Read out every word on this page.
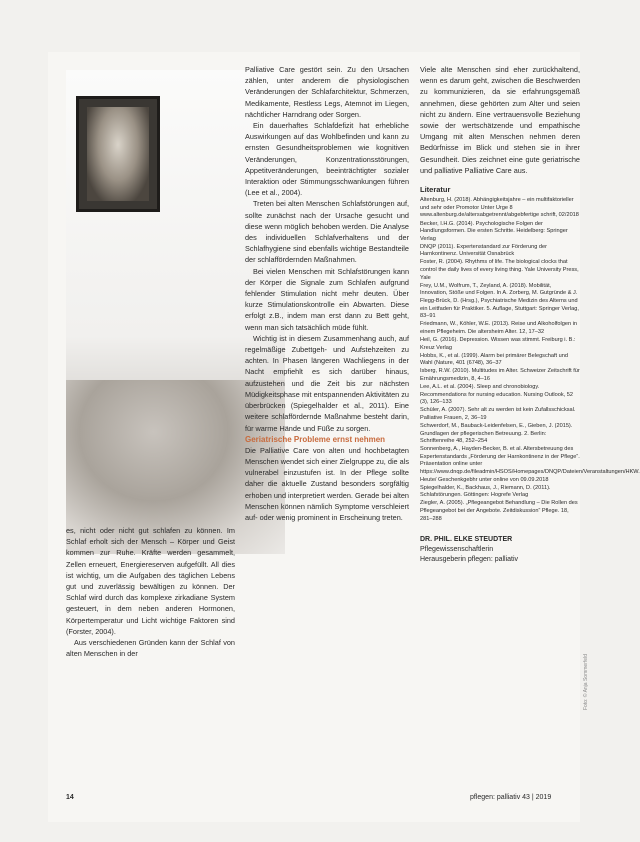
es, nicht oder nicht gut schlafen zu können. Im Schlaf erholt sich der Mensch – Körper und Geist kommen zur Ruhe. Kräfte werden gesammelt, Zellen erneuert, Energiereserven aufgefüllt. All dies ist wichtig, um die Aufgaben des täglichen Lebens gut und zuverlässig bewältigen zu können. Der Schlaf wird durch das komplexe zirkadiane System gesteuert, in dem neben anderen Hormonen, Körpertemperatur und Licht wichtige Faktoren sind (Forster, 2004).

Aus verschiedenen Gründen kann der Schlaf von alten Menschen in der

Palliative Care gestört sein. Zu den Ursachen zählen, unter anderem die physiologischen Veränderungen der Schlafarchitektur, Schmerzen, Medikamente, Restless Legs, Atemnot im Liegen, nächtlicher Harndrang oder Sorgen.

Ein dauerhaftes Schlafdefizit hat erhebliche Auswirkungen auf das Wohlbefinden und kann zu ernsten Gesundheitsproblemen wie kognitiven Veränderungen, Konzentrationsstörungen, Appetitveränderungen, beeinträchtigter sozialer Interaktion oder Stimmungsschwankungen führen (Lee et al., 2004).

Treten bei alten Menschen Schlafstörungen auf, sollte zunächst nach der Ursache gesucht und diese wenn möglich behoben werden. Die Analyse des individuellen Schlafverhaltens und der Schlafhygiene sind ebenfalls wichtige Bestandteile der schlaffördernden Maßnahmen.

Bei vielen Menschen mit Schlafstörungen kann der Körper die Signale zum Schlafen aufgrund fehlender Stimulation nicht mehr deuten. Über kurze Stimulationskontrolle ein Abwarten. Diese erfolgt z.B., indem man erst dann zu Bett geht, wenn man sich tatsächlich müde fühlt.

Wichtig ist in diesem Zusammenhang auch, auf regelmäßige Zubettgeh- und Aufstehzeiten zu achten. In Phasen längeren Wachliegens in der Nacht empfiehlt es sich darüber hinaus, aufzustehen und die Zeit bis zur nächsten Müdigkeitsphase mit entspannenden Aktivitäten zu überbrücken (Spiegelhalder et al., 2011). Eine weitere schlaffördernde Maßnahme besteht darin, für warme Hände und Füße zu sorgen.

Geriatrische Probleme ernst nehmen

Die Palliative Care von alten und hochbetagten Menschen wendet sich einer Zielgruppe zu, die als vulnerabel einzustufen ist. In der Pflege sollte daher die aktuelle Zustand besonders sorgfältig erhoben und interpretiert werden. Gerade bei alten Menschen können nämlich Symptome verschleiert auf- oder wenig prominent in Erscheinung treten.

Viele alte Menschen sind eher zurückhaltend, wenn es darum geht, zwischen die Beschwerden zu kommunizieren, da sie erfahrungsgemäß annehmen, diese gehörten zum Alter und seien nicht zu ändern. Eine vertrauensvolle Beziehung sowie der wertschätzende und empathische Umgang mit alten Menschen nehmen deren Bedürfnisse im Blick und stehen sie in ihrer Gesundheit. Dies zeichnet eine gute geriatrische und palliative Palliative Care aus.

Literatur
Altenburg, H. (2018). Abhängigkeitsjahre – ein multifaktorieller und sehr oder Promotor Unter Urge 8 www.altenburg.de/altersabgetrennt/abgebfertige schrift, 02/2018
Becker, I.H.G. (2014). Psychologische Folgen der Handlungsformen. Die ersten Schritte. Heidelberg: Springer Verlag
DNQP (2011). Expertenstandard zur Förderung der Harnkontinenz. Universität Osnabrück
Foster, R. (2004). Rhythms of life. The biological clocks that control the daily lives of every living thing. Yale University Press, Yale
Frey, U.M., Wolfrum, T., Zeyland, A. (2018). Mobilität, Innovation, Stöße und Folgen. In A. Zorberg, M. Gutgründe & J. Flegg-Brück, D. (Hrsg.), Psychiatrische Medizin des Alterns und ein Leitfaden für Praktiker. 5. Auflage, Stuttgart: Springer Verlag, 83–91
Friedmann, W., Köhler, W.E. (2013). Reise und Alkoholfolgen in einem Pflegeheim. Die altersheim Alter. 12, 17–32
Heil, G. (2016). Depression. Wissen was stimmt. Freiburg i. B.: Kreuz Verlag
Hobbs, K., et al. (1999). Alarm bei primärer Belegschaft und Wahl (Nature, 401 (6748), 36–37
Isberg, R.W. (2010). Multitudes im Alter. Schweizer Zeitschrift für Ernährungsmedizin, 8, 4–16
Lee, A.L. et al. (2004). Sleep and chronobiology. Recommendations for nursing education. Nursing Outlook, 52 (3), 126–133
Schüler, A. (2007). Sehr alt zu werden ist kein Zufallsschicksal. Palliative Frauen, 2, 36–19
Schwerdorf, M., Bauback-Leidenfelsen, E., Gieben, J. (2015). Grundlagen der pflegerischen Betreuung. 2. Berlin: Schriftenreihe 48, 252–254
Sonnenberg, A., Hayden-Becker, B. et al. Altersbetreuung des Expertenstandards „Förderung der Harnkontinenz in der Pflege“. Präsentation online unter https://www.dnqp.de/fileadmin/HSOS/Homepages/DNQP/Dateien/Veranstaltungen/HKW. Heute/ Geschenkgebhr unter online von 09.09.2018
Spiegelhalder, K., Backhaus, J., Riemann, D. (2011). Schlafstörungen. Göttingen: Hogrefe Verlag
Ziegler, A. (2005). „Pflegeangebot Behandlung – Die Rollen des Pflegeangebot bei der Angebote. Zeitdiskussion“ Pflege. 18, 281–288
DR. PHIL. ELKE STEUDTER
Pflegewissenschaftlerin
Herausgeberin pflegen: palliativ
14	pflegen: palliativ 43 | 2019
Foto: © Anja Sommerfeld
